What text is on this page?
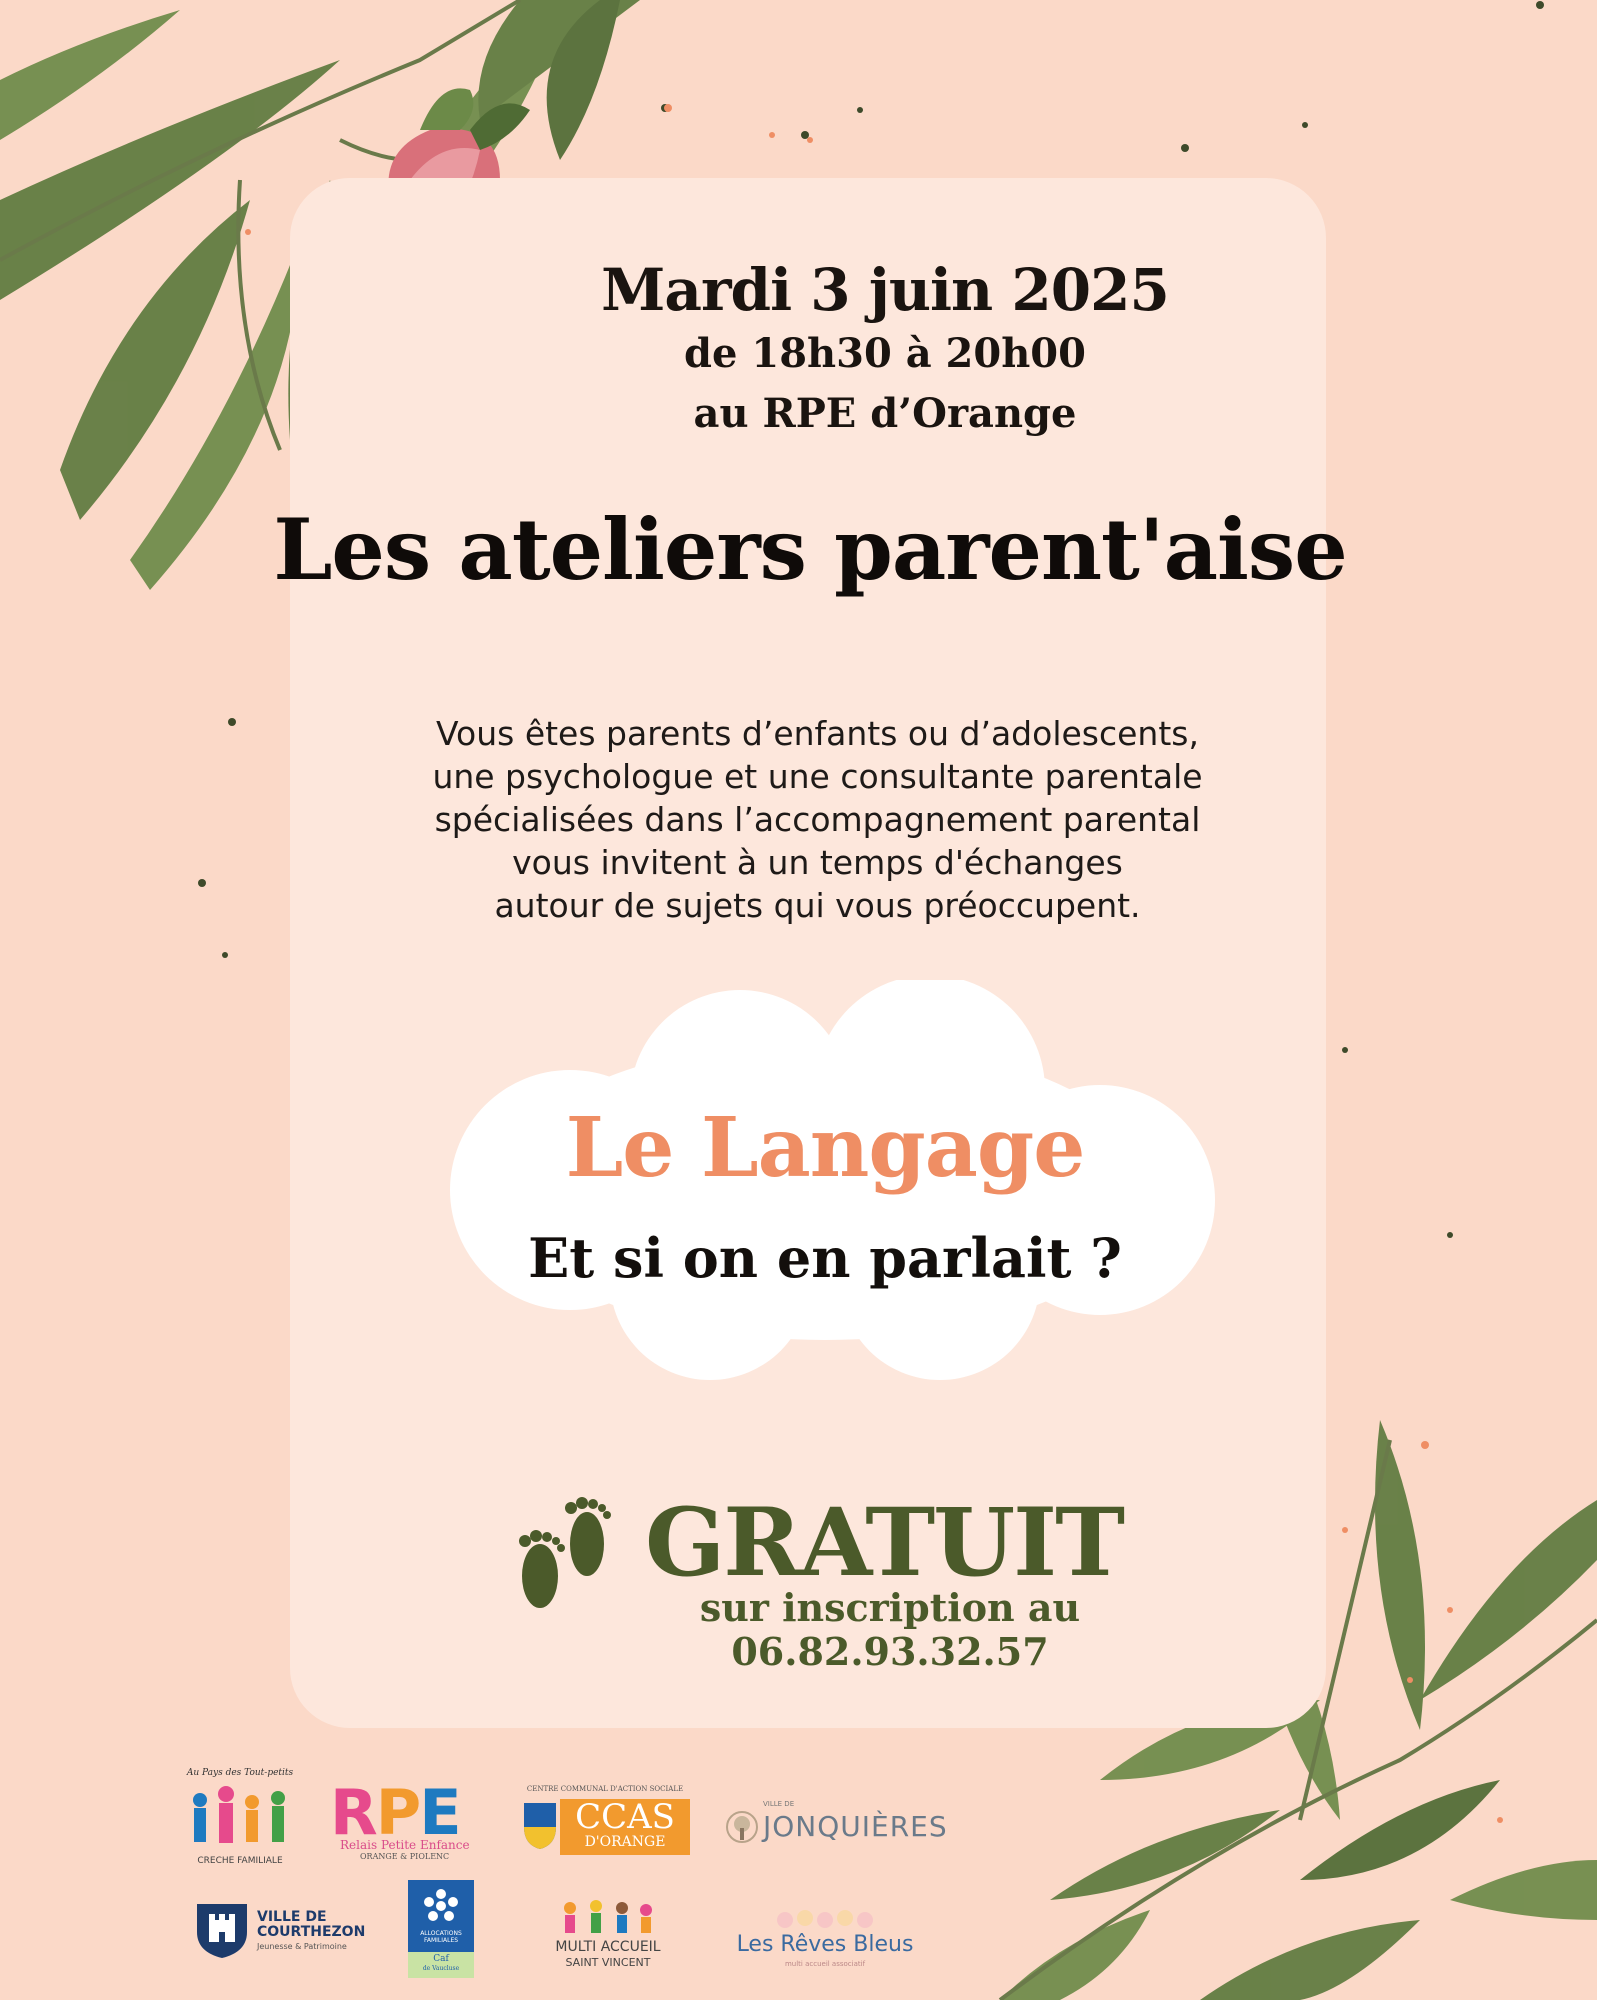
Mardi 3 juin 2025
de 18h30 à 20h00
au RPE d’Orange
Les ateliers parent'aise
Vous êtes parents d’enfants ou d’adolescents,
une psychologue et une consultante parentale
spécialisées dans l’accompagnement parental
vous invitent à un temps d'échanges
autour de sujets qui vous préoccupent.
Le Langage
Et si on en parlait ?
GRATUIT
sur inscription au
06.82.93.32.57
Au Pays des Tout-petits
CRECHE FAMILIALE
RPE
Relais Petite Enfance
ORANGE & PIOLENC
CENTRE COMMUNAL D'ACTION SOCIALE
CCAS
D'ORANGE
VILLE DE
JONQUIÈRES
VILLE DE
COURTHEZON
Jeunesse & Patrimoine
ALLOCATIONS
FAMILIALES
Caf
de Vaucluse
MULTI ACCUEIL
SAINT VINCENT
Les Rêves Bleus
multi accueil associatif
